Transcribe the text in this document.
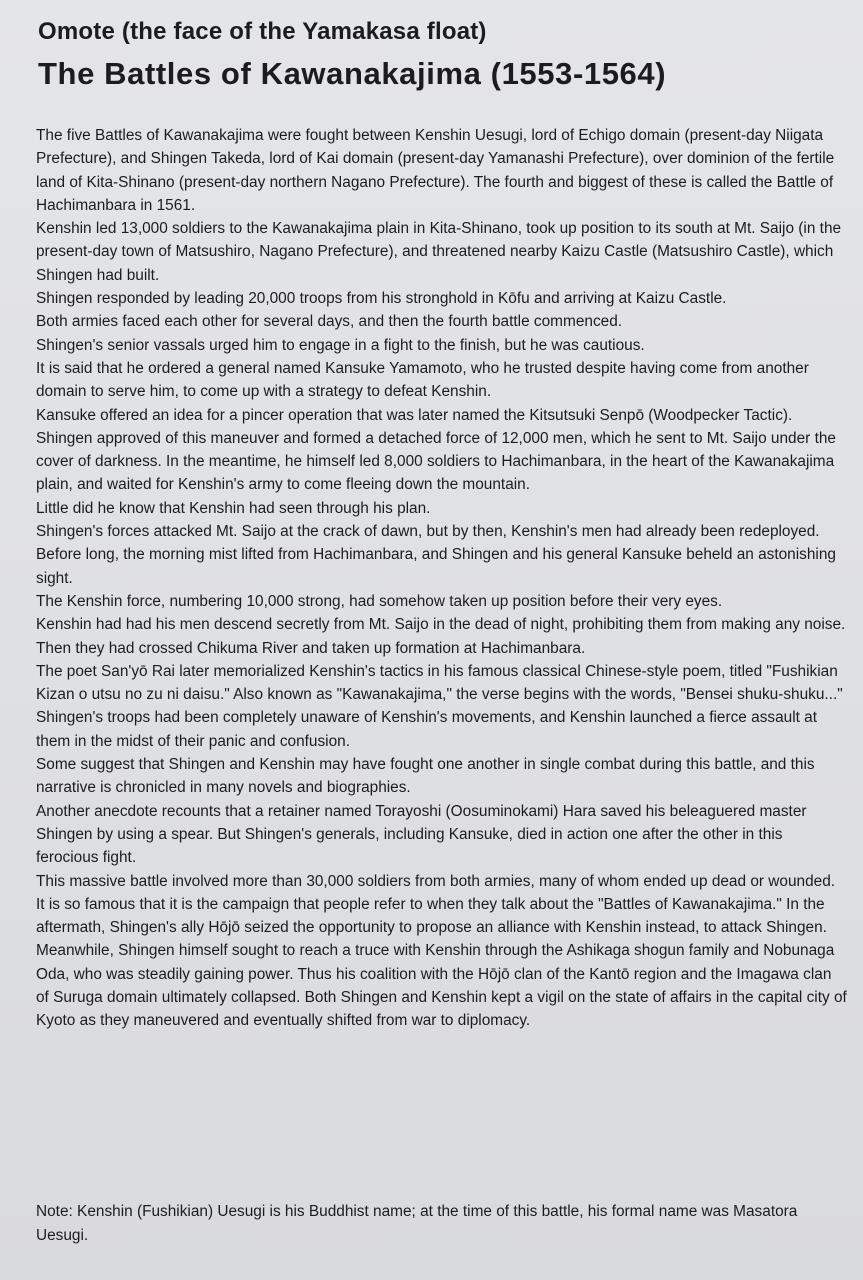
Omote (the face of the Yamakasa float)
The Battles of Kawanakajima (1553-1564)

The five Battles of Kawanakajima were fought between Kenshin Uesugi, lord of Echigo domain (present-day Niigata Prefecture), and Shingen Takeda, lord of Kai domain (present-day Yamanashi Prefecture), over dominion of the fertile land of Kita-Shinano (present-day northern Nagano Prefecture). The fourth and biggest of these is called the Battle of Hachimanbara in 1561.

Kenshin led 13,000 soldiers to the Kawanakajima plain in Kita-Shinano, took up position to its south at Mt. Saijo (in the present-day town of Matsushiro, Nagano Prefecture), and threatened nearby Kaizu Castle (Matsushiro Castle), which Shingen had built.

Shingen responded by leading 20,000 troops from his stronghold in Kōfu and arriving at Kaizu Castle.

Both armies faced each other for several days, and then the fourth battle commenced.

Shingen's senior vassals urged him to engage in a fight to the finish, but he was cautious.

It is said that he ordered a general named Kansuke Yamamoto, who he trusted despite having come from another domain to serve him, to come up with a strategy to defeat Kenshin.

Kansuke offered an idea for a pincer operation that was later named the Kitsutsuki Senpō (Woodpecker Tactic).

Shingen approved of this maneuver and formed a detached force of 12,000 men, which he sent to Mt. Saijo under the cover of darkness. In the meantime, he himself led 8,000 soldiers to Hachimanbara, in the heart of the Kawanakajima plain, and waited for Kenshin's army to come fleeing down the mountain.

Little did he know that Kenshin had seen through his plan.

Shingen's forces attacked Mt. Saijo at the crack of dawn, but by then, Kenshin's men had already been redeployed.

Before long, the morning mist lifted from Hachimanbara, and Shingen and his general Kansuke beheld an astonishing sight.

The Kenshin force, numbering 10,000 strong, had somehow taken up position before their very eyes.

Kenshin had had his men descend secretly from Mt. Saijo in the dead of night, prohibiting them from making any noise. Then they had crossed Chikuma River and taken up formation at Hachimanbara.

The poet San'yō Rai later memorialized Kenshin's tactics in his famous classical Chinese-style poem, titled "Fushikian Kizan o utsu no zu ni daisu." Also known as "Kawanakajima," the verse begins with the words, "Bensei shuku-shuku..."

Shingen's troops had been completely unaware of Kenshin's movements, and Kenshin launched a fierce assault at them in the midst of their panic and confusion.

Some suggest that Shingen and Kenshin may have fought one another in single combat during this battle, and this narrative is chronicled in many novels and biographies.

Another anecdote recounts that a retainer named Torayoshi (Oosuminokami) Hara saved his beleaguered master Shingen by using a spear. But Shingen's generals, including Kansuke, died in action one after the other in this ferocious fight.

This massive battle involved more than 30,000 soldiers from both armies, many of whom ended up dead or wounded.

It is so famous that it is the campaign that people refer to when they talk about the "Battles of Kawanakajima." In the aftermath, Shingen's ally Hōjō seized the opportunity to propose an alliance with Kenshin instead, to attack Shingen. Meanwhile, Shingen himself sought to reach a truce with Kenshin through the Ashikaga shogun family and Nobunaga Oda, who was steadily gaining power. Thus his coalition with the Hōjō clan of the Kantō region and the Imagawa clan of Suruga domain ultimately collapsed. Both Shingen and Kenshin kept a vigil on the state of affairs in the capital city of Kyoto as they maneuvered and eventually shifted from war to diplomacy.

Note: Kenshin (Fushikian) Uesugi is his Buddhist name; at the time of this battle, his formal name was Masatora Uesugi.
